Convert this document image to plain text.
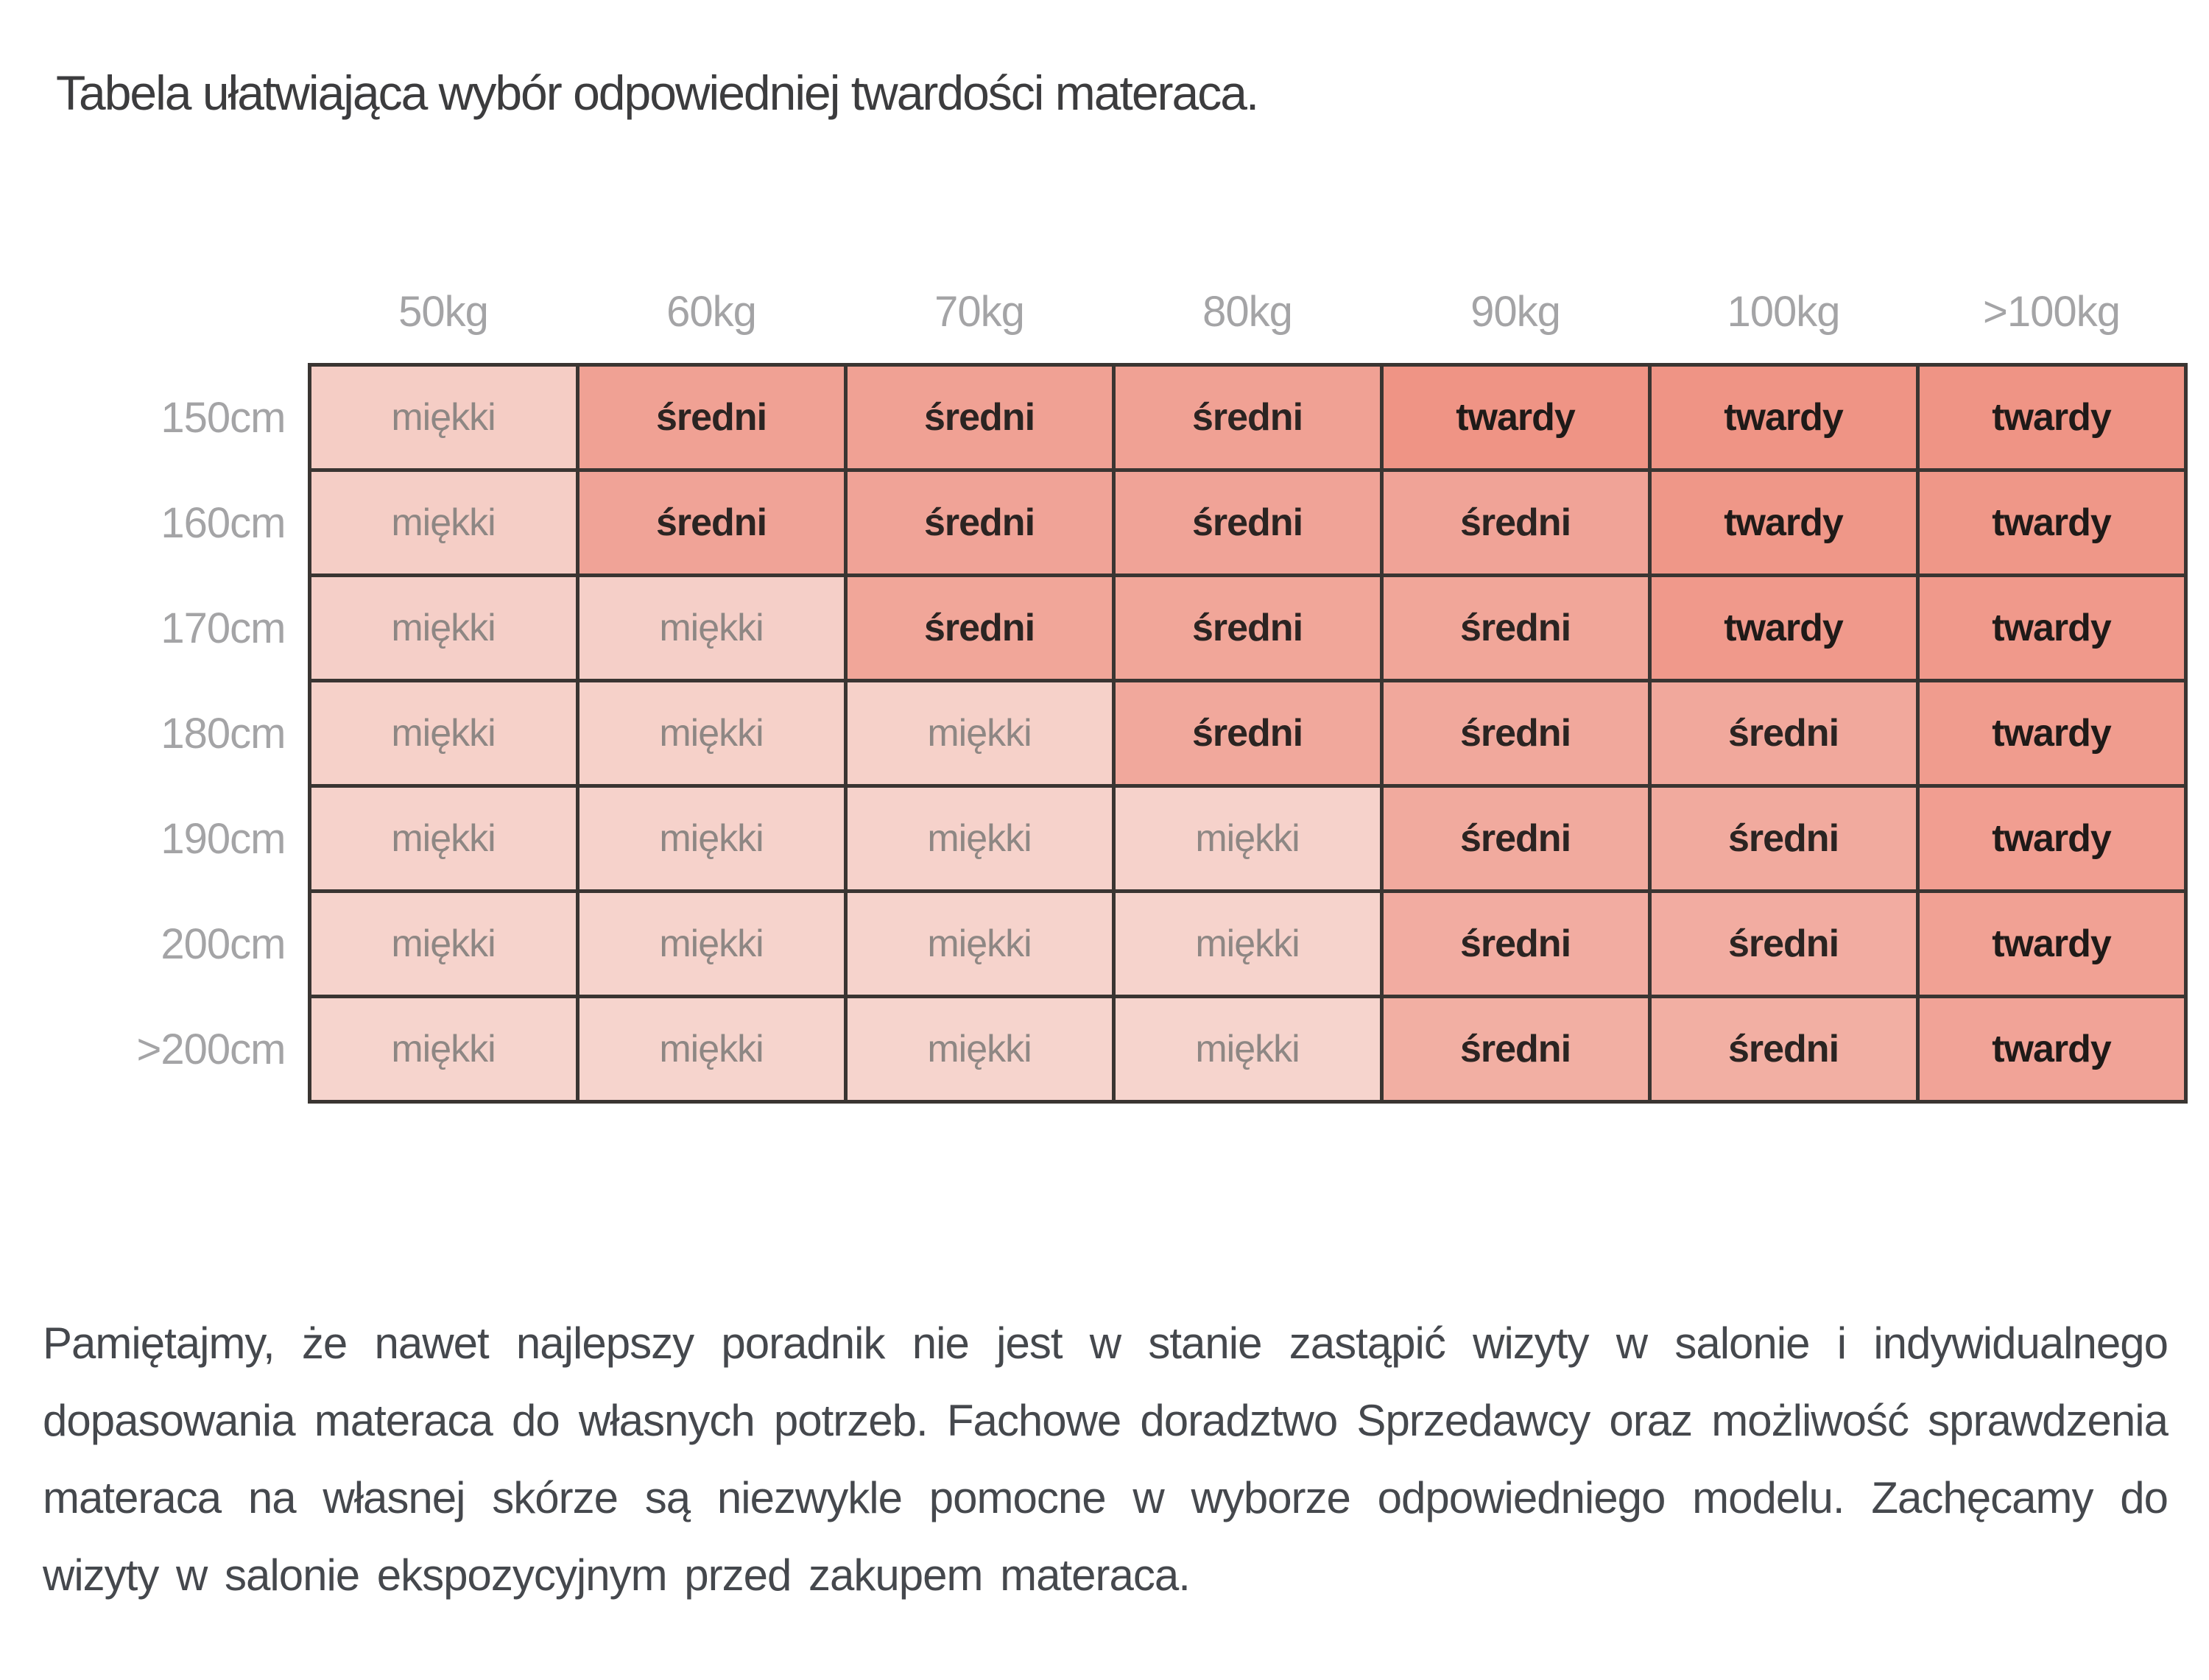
Tabela ułatwiająca wybór odpowiedniej twardości materaca.
	50kg	60kg	70kg	80kg	90kg	100kg	>100kg
150cm	miękki	średni	średni	średni	twardy	twardy	twardy
160cm	miękki	średni	średni	średni	średni	twardy	twardy
170cm	miękki	miękki	średni	średni	średni	twardy	twardy
180cm	miękki	miękki	miękki	średni	średni	średni	twardy
190cm	miękki	miękki	miękki	miękki	średni	średni	twardy
200cm	miękki	miękki	miękki	miękki	średni	średni	twardy
>200cm	miękki	miękki	miękki	miękki	średni	średni	twardy

Pamiętajmy, że nawet najlepszy poradnik nie jest w stanie zastąpić wizyty w salonie i indywidualnego dopasowania materaca do własnych potrzeb. Fachowe doradztwo Sprzedawcy oraz możliwość sprawdzenia materaca na własnej skórze są niezwykle pomocne w wyborze odpowiedniego modelu. Zachęcamy do wizyty w salonie ekspozycyjnym przed zakupem materaca.
